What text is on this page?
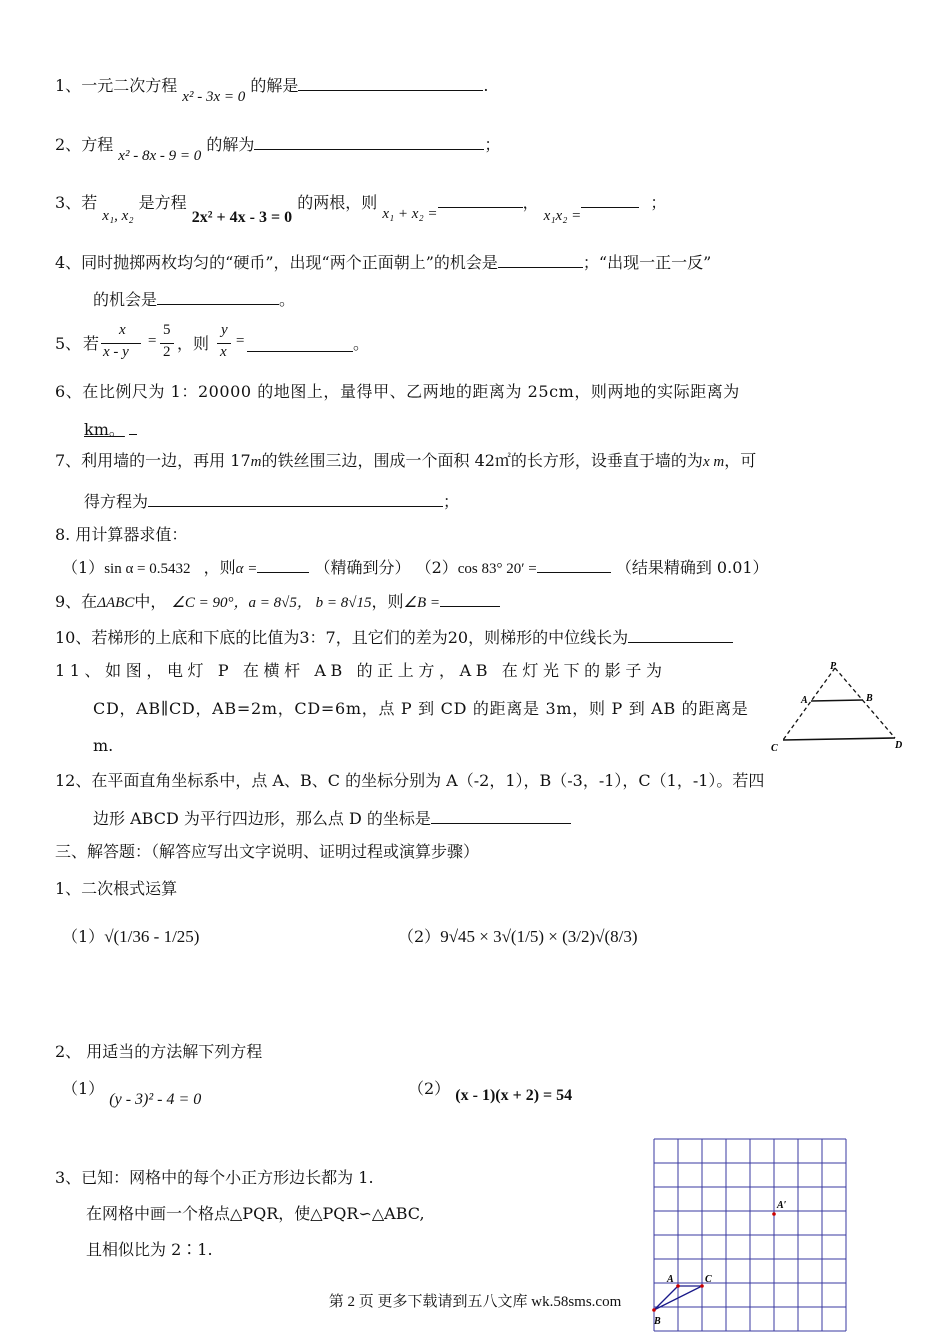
1、一元二次方程 x² - 3x = 0 的解是	.
2、方程 x² - 8x - 9 = 0 的解为	；
3、若 x₁, x₂ 是方程 2x² + 4x - 3 = 0 的两根，则 x₁ + x₂ =， x₁x₂ = ；
4、同时抛掷两枚均匀的“硬币”，出现“两个正面朝上”的机会是	；“出现一正一反”
的机会是	。
5、 若
x
x - y
=
5
2 ，则
y
x
=	。
6、在比例尺为 1：20000 的地图上，量得甲、乙两地的距离为 25cm，则两地的实际距离为
km。
7、利用墙的一边，再用 17m的铁丝围三边，围成一个面积 42㎡的长方形，设垂直于墙的为x m，可
得方程为	；
8. 用计算器求值：
（1）sin α = 0.5432 ，则α =	（精确到分） （2）cos 83° 20′ =	（结果精确到 0.01）
9、在ΔABC中， ∠C = 90°，a = 8√5， b = 8√15，则∠B =
10、若梯形的上底和下底的比值为3：7，且它们的差为20，则梯形的中位线长为
11、如图，电灯 P 在横杆 AB 的正上方，AB 在灯光下的影子为
CD，AB∥CD，AB=2m，CD=6m，点 P 到 CD 的距离是 3m，则 P 到 AB 的距离是
m.
P
A	B
C	D
12、在平面直角坐标系中，点 A、B、C 的坐标分别为 A（-2，1），B（-3，-1），C（1，-1）。若四
边形 ABCD 为平行四边形，那么点 D 的坐标是
三、解答题：（解答应写出文字说明、证明过程或演算步骤）
1、二次根式运算
（1）√(1/36 - 1/25)	（2）9√45 × 3√(1/5) × (3/2)√(8/3)
2、 用适当的方法解下列方程
（1） (y - 3)² - 4 = 0
（2） (x - 1)(x + 2) = 54
3、已知：网格中的每个小正方形边长都为 1.
在网格中画一个格点△PQR，使△PQR∽△ABC,
且相似比为 2∶1.
A′
A
B
C
第 2 页 更多下载请到五八文库 wk.58sms.com
